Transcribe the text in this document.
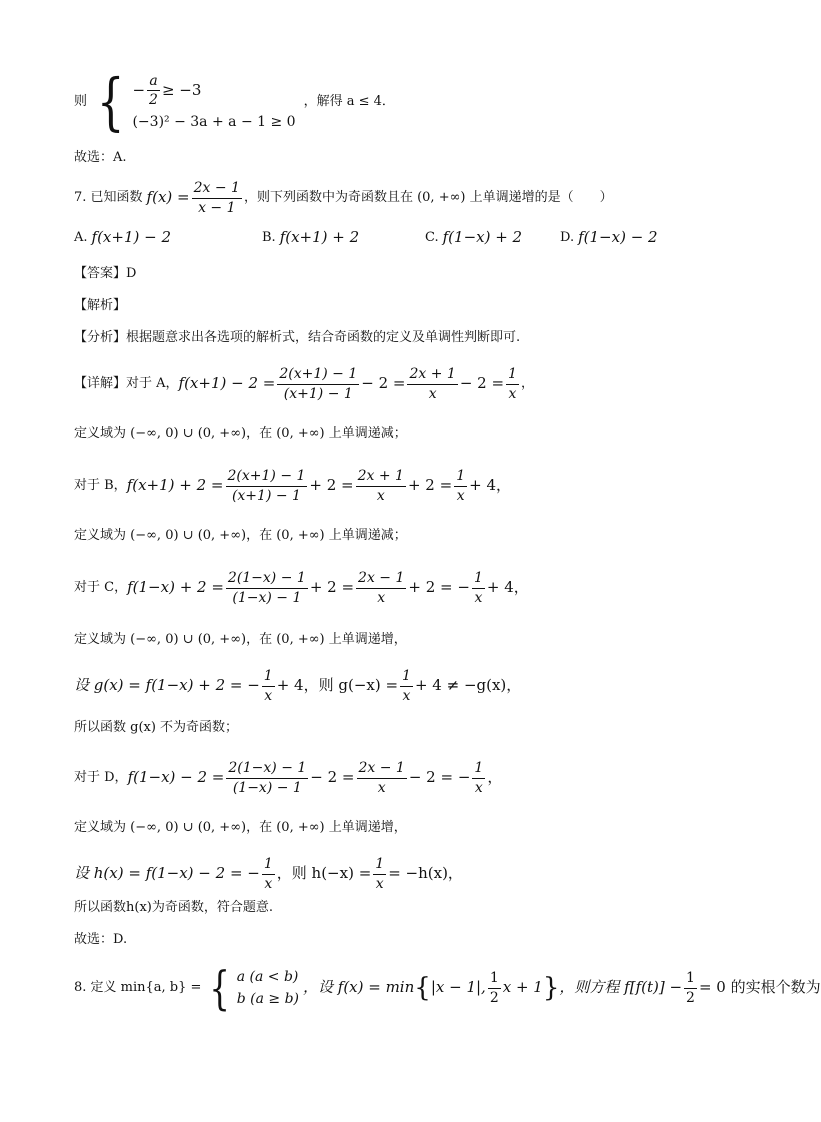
则 { − $\frac{a}{2} \ge -3$
(−3)² − 3a + a − 1 ≥ 0
，解得 a ≤ 4．
故选：A.
7. 已知函数 $f(x) = \frac{2x - 1}{x - 1}$ ，则下列函数中为奇函数且在 (0, +∞) 上单调递增的是（　　）
A. f(x+1) − 2	B. f(x+1) + 2	C. f(1−x) + 2	D. f(1−x) − 2
【答案】D
【解析】
【分析】根据题意求出各选项的解析式，结合奇函数的定义及单调性判断即可.
【详解】对于 A， $f(x+1) - 2 = \frac{2(x+1) - 1}{(x+1) - 1} - 2 = \frac{2x + 1}{x} - 2 = \frac{1}{x}$ ，
定义域为 (−∞, 0) ∪ (0, +∞)，在 (0, +∞) 上单调递减；
对于 B， $f(x+1) + 2 = \frac{2(x+1) - 1}{(x+1) - 1} + 2 = \frac{2x + 1}{x} + 2 = \frac{1}{x} + 4$，
定义域为 (−∞, 0) ∪ (0, +∞)，在 (0, +∞) 上单调递减；
对于 C， $f(1-x) + 2 = \frac{2(1-x) - 1}{(1-x) - 1} + 2 = \frac{2x - 1}{x} + 2$ = − $\frac{1}{x} + 4$，
定义域为 (−∞, 0) ∪ (0, +∞)，在 (0, +∞) 上单调递增，
设 g(x) = f(1−x) + 2 = − $\frac{1}{x} + 4$，则 $g(-x) = \frac{1}{x} + 4 \ne -g(x)$，
所以函数 g(x) 不为奇函数；
对于 D， $f(1-x) - 2 = \frac{2(1-x) - 1}{(1-x) - 1} - 2 = \frac{2x - 1}{x} - 2$ = − $\frac{1}{x}$ ，
定义域为 (−∞, 0) ∪ (0, +∞)，在 (0, +∞) 上单调递增，
设 h(x) = f(1−x) − 2 = − $\frac{1}{x}$ ，则 $h(-x) = \frac{1}{x} = -h(x)$，
所以函数h(x)为奇函数，符合题意.
故选：D.
8. 定义 min{a, b} = { a (a < b)
b (a ≥ b)
，设 f(x) = min { |x − 1|, $\frac{1}{2}$ x + 1 } ，则方程 $f[f(t)] - \frac{1}{2} = 0$ 的实根个数为
